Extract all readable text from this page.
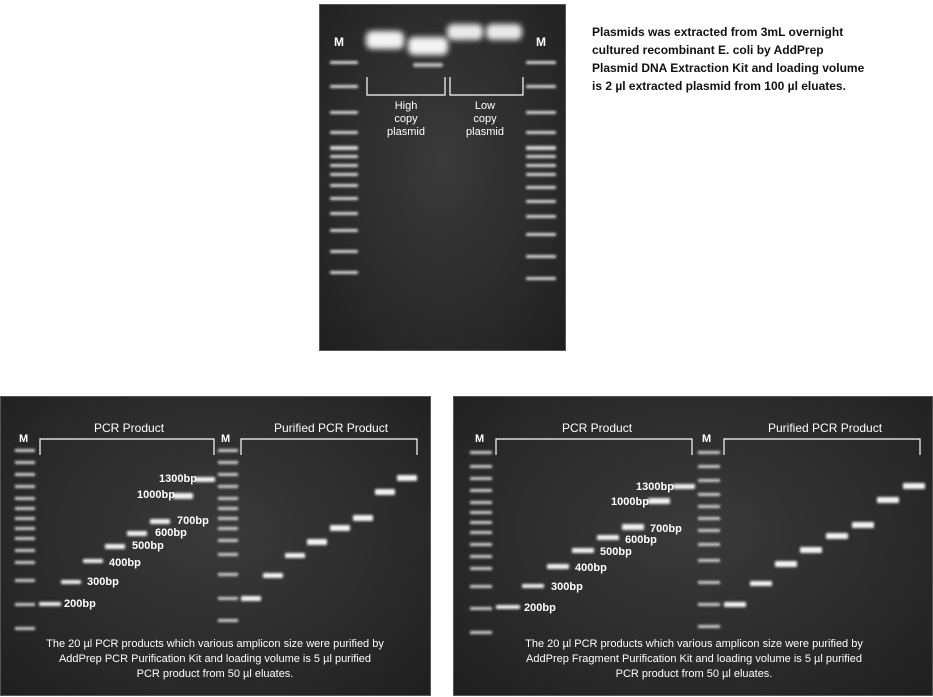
M	M
High
copy
plasmid
Low
copy
plasmid
Plasmids was extracted from 3mL overnight
cultured recombinant E. coli by AddPrep
Plasmid DNA Extraction Kit and loading volume
is 2 µl extracted plasmid from 100 µl eluates.
M	M
PCR Product	Purified PCR Product
200bp
300bp
400bp
500bp
600bp
700bp
1000bp
1300bp
The 20 µl PCR products which various amplicon size were purified by
AddPrep PCR Purification Kit and loading volume is 5 µl purified
PCR product from 50 µl eluates.
M	M
PCR Product	Purified PCR Product
200bp
300bp
400bp
500bp
600bp
700bp
1000bp
1300bp
The 20 µl PCR products which various amplicon size were purified by
AddPrep Fragment Purification Kit and loading volume is 5 µl purified
PCR product from 50 µl eluates.
